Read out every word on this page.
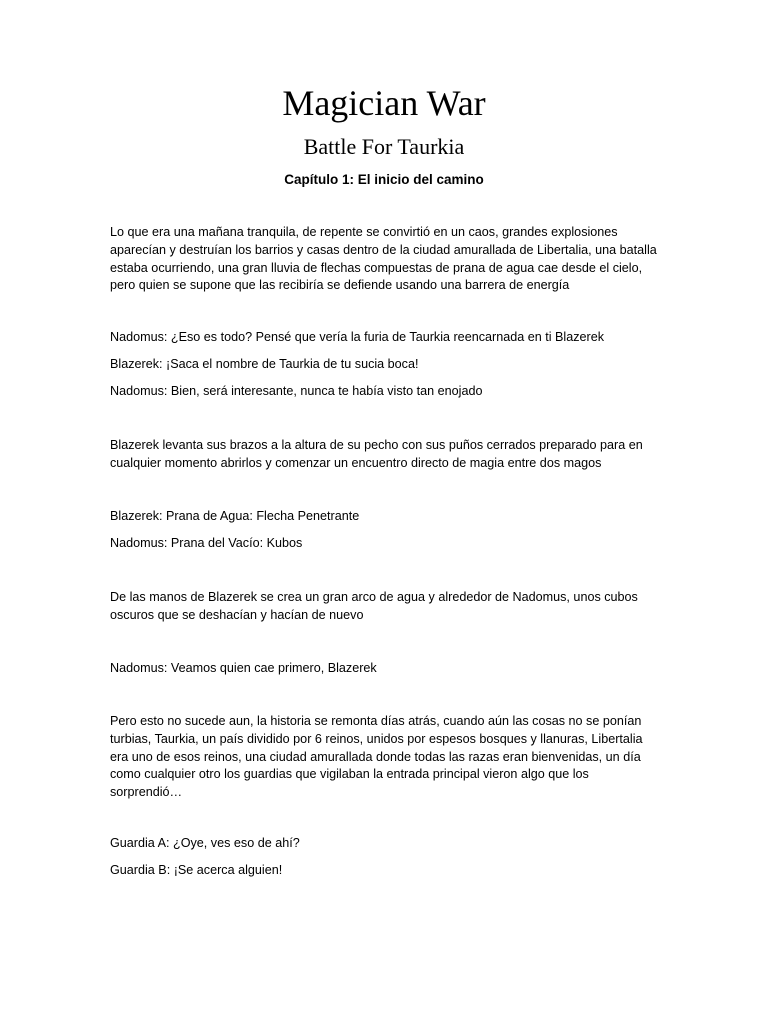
Magician War
Battle For Taurkia
Capítulo 1: El inicio del camino

Lo que era una mañana tranquila, de repente se convirtió en un caos, grandes explosiones aparecían y destruían los barrios y casas dentro de la ciudad amurallada de Libertalia, una batalla estaba ocurriendo, una gran lluvia de flechas compuestas de prana de agua cae desde el cielo, pero quien se supone que las recibiría se defiende usando una barrera de energía

Nadomus: ¿Eso es todo? Pensé que vería la furia de Taurkia reencarnada en ti Blazerek

Blazerek: ¡Saca el nombre de Taurkia de tu sucia boca!

Nadomus: Bien, será interesante, nunca te había visto tan enojado

Blazerek levanta sus brazos a la altura de su pecho con sus puños cerrados preparado para en cualquier momento abrirlos y comenzar un encuentro directo de magia entre dos magos

Blazerek: Prana de Agua: Flecha Penetrante

Nadomus: Prana del Vacío: Kubos

De las manos de Blazerek se crea un gran arco de agua y alrededor de Nadomus, unos cubos oscuros que se deshacían y hacían de nuevo

Nadomus: Veamos quien cae primero, Blazerek

Pero esto no sucede aun, la historia se remonta días atrás, cuando aún las cosas no se ponían turbias, Taurkia, un país dividido por 6 reinos, unidos por espesos bosques y llanuras, Libertalia era uno de esos reinos, una ciudad amurallada donde todas las razas eran bienvenidas, un día como cualquier otro los guardias que vigilaban la entrada principal vieron algo que los sorprendió…

Guardia A: ¿Oye, ves eso de ahí?

Guardia B: ¡Se acerca alguien!
